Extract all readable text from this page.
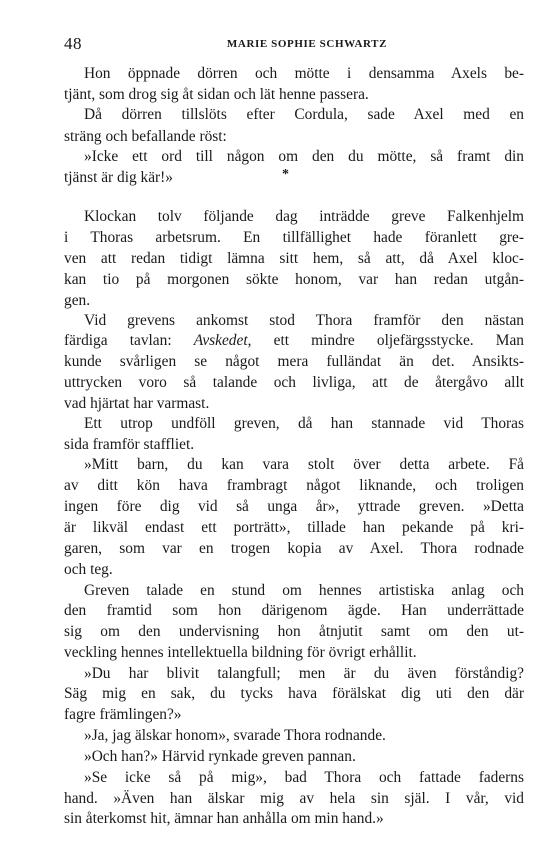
48	MARIE SOPHIE SCHWARTZ
Hon öppnade dörren och mötte i densamma Axels be-
tjänt, som drog sig åt sidan och lät henne passera.
Då dörren tillslöts efter Cordula, sade Axel med en
sträng och befallande röst:
»Icke ett ord till någon om den du mötte, så framt din
tjänst är dig kär!»
Klockan tolv följande dag inträdde greve Falkenhjelm
i Thoras arbetsrum. En tillfällighet hade föranlett gre-
ven att redan tidigt lämna sitt hem, så att, då Axel kloc-
kan tio på morgonen sökte honom, var han redan utgån-
gen.
Vid grevens ankomst stod Thora framför den nästan
färdiga tavlan: Avskedet, ett mindre oljefärgsstycke. Man
kunde svårligen se något mera fulländat än det. Ansikts-
uttrycken voro så talande och livliga, att de återgåvo allt
vad hjärtat har varmast.
Ett utrop undföll greven, då han stannade vid Thoras
sida framför staffliet.
»Mitt barn, du kan vara stolt över detta arbete. Få
av ditt kön hava frambragt något liknande, och troligen
ingen före dig vid så unga år», yttrade greven. »Detta
är likväl endast ett porträtt», tillade han pekande på kri-
garen, som var en trogen kopia av Axel. Thora rodnade
och teg.
Greven talade en stund om hennes artistiska anlag och
den framtid som hon därigenom ägde. Han underrättade
sig om den undervisning hon åtnjutit samt om den ut-
veckling hennes intellektuella bildning för övrigt erhållit.
»Du har blivit talangfull; men är du även förståndig?
Säg mig en sak, du tycks hava förälskat dig uti den där
fagre främlingen?»
»Ja, jag älskar honom», svarade Thora rodnande.
»Och han?» Härvid rynkade greven pannan.
»Se icke så på mig», bad Thora och fattade faderns
hand. »Även han älskar mig av hela sin själ. I vår, vid
sin återkomst hit, ämnar han anhålla om min hand.»
*
